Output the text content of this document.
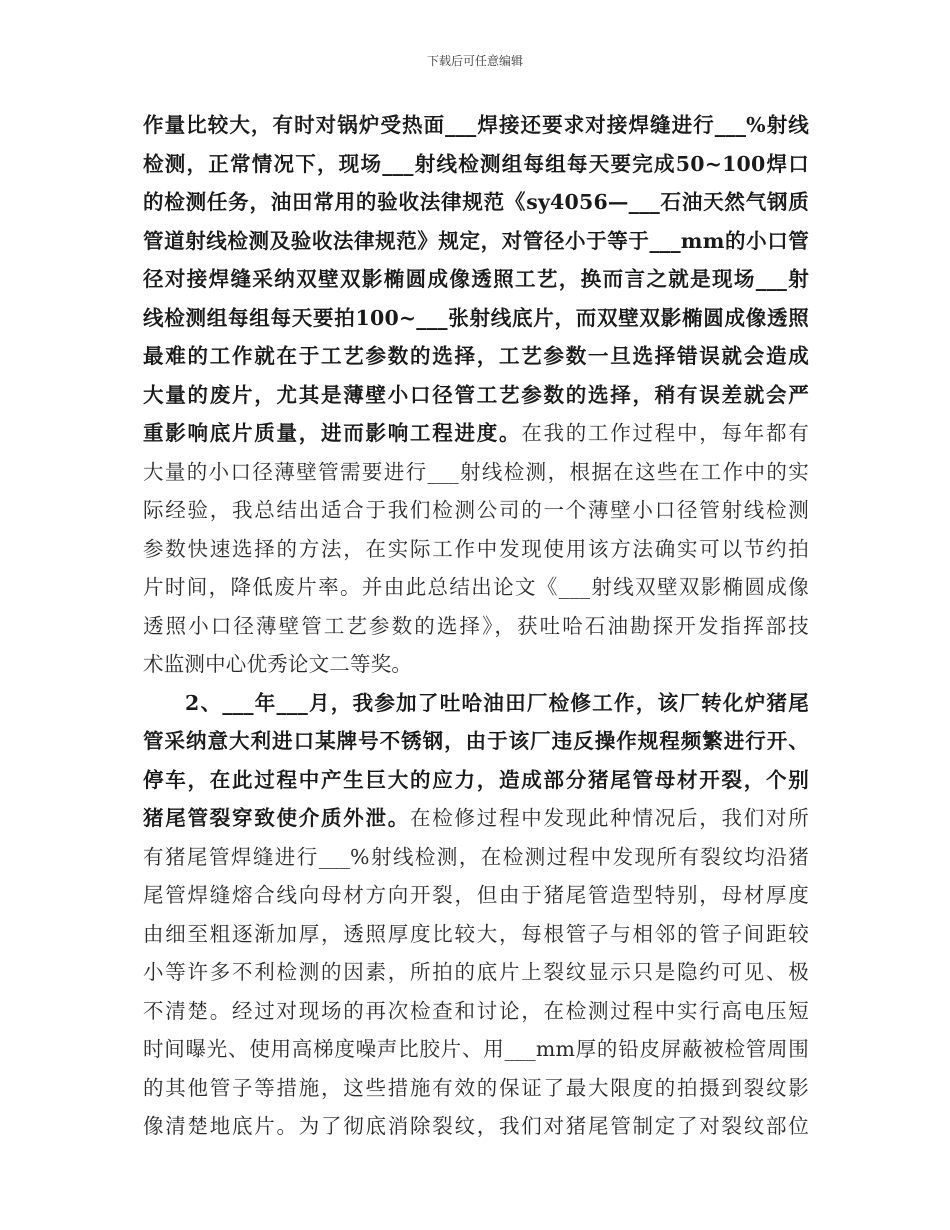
下载后可任意编辑
作量比较大，有时对锅炉受热面___焊接还要求对接焊缝进行___%射线
检测，正常情况下，现场___射线检测组每组每天要完成50~100焊口
的检测任务，油田常用的验收法律规范《sy4056—___石油天然气钢质
管道射线检测及验收法律规范》规定，对管径小于等于___mm的小口管
径对接焊缝采纳双壁双影椭圆成像透照工艺，换而言之就是现场___射
线检测组每组每天要拍100~___张射线底片，而双壁双影椭圆成像透照
最难的工作就在于工艺参数的选择，工艺参数一旦选择错误就会造成
大量的废片，尤其是薄壁小口径管工艺参数的选择，稍有误差就会严
重影响底片质量，进而影响工程进度。在我的工作过程中，每年都有
大量的小口径薄壁管需要进行___射线检测，根据在这些在工作中的实
际经验，我总结出适合于我们检测公司的一个薄壁小口径管射线检测
参数快速选择的方法，在实际工作中发现使用该方法确实可以节约拍
片时间，降低废片率。并由此总结出论文《___射线双壁双影椭圆成像
透照小口径薄壁管工艺参数的选择》，获吐哈石油勘探开发指挥部技
术监测中心优秀论文二等奖。
2、___年___月，我参加了吐哈油田厂检修工作，该厂转化炉猪尾
管采纳意大利进口某牌号不锈钢，由于该厂违反操作规程频繁进行开、
停车，在此过程中产生巨大的应力，造成部分猪尾管母材开裂，个别
猪尾管裂穿致使介质外泄。在检修过程中发现此种情况后，我们对所
有猪尾管焊缝进行___%射线检测，在检测过程中发现所有裂纹均沿猪
尾管焊缝熔合线向母材方向开裂，但由于猪尾管造型特别，母材厚度
由细至粗逐渐加厚，透照厚度比较大，每根管子与相邻的管子间距较
小等许多不利检测的因素，所拍的底片上裂纹显示只是隐约可见、极
不清楚。经过对现场的再次检查和讨论，在检测过程中实行高电压短
时间曝光、使用高梯度噪声比胶片、用___mm厚的铅皮屏蔽被检管周围
的其他管子等措施，这些措施有效的保证了最大限度的拍摄到裂纹影
像清楚地底片。为了彻底消除裂纹，我们对猪尾管制定了对裂纹部位
